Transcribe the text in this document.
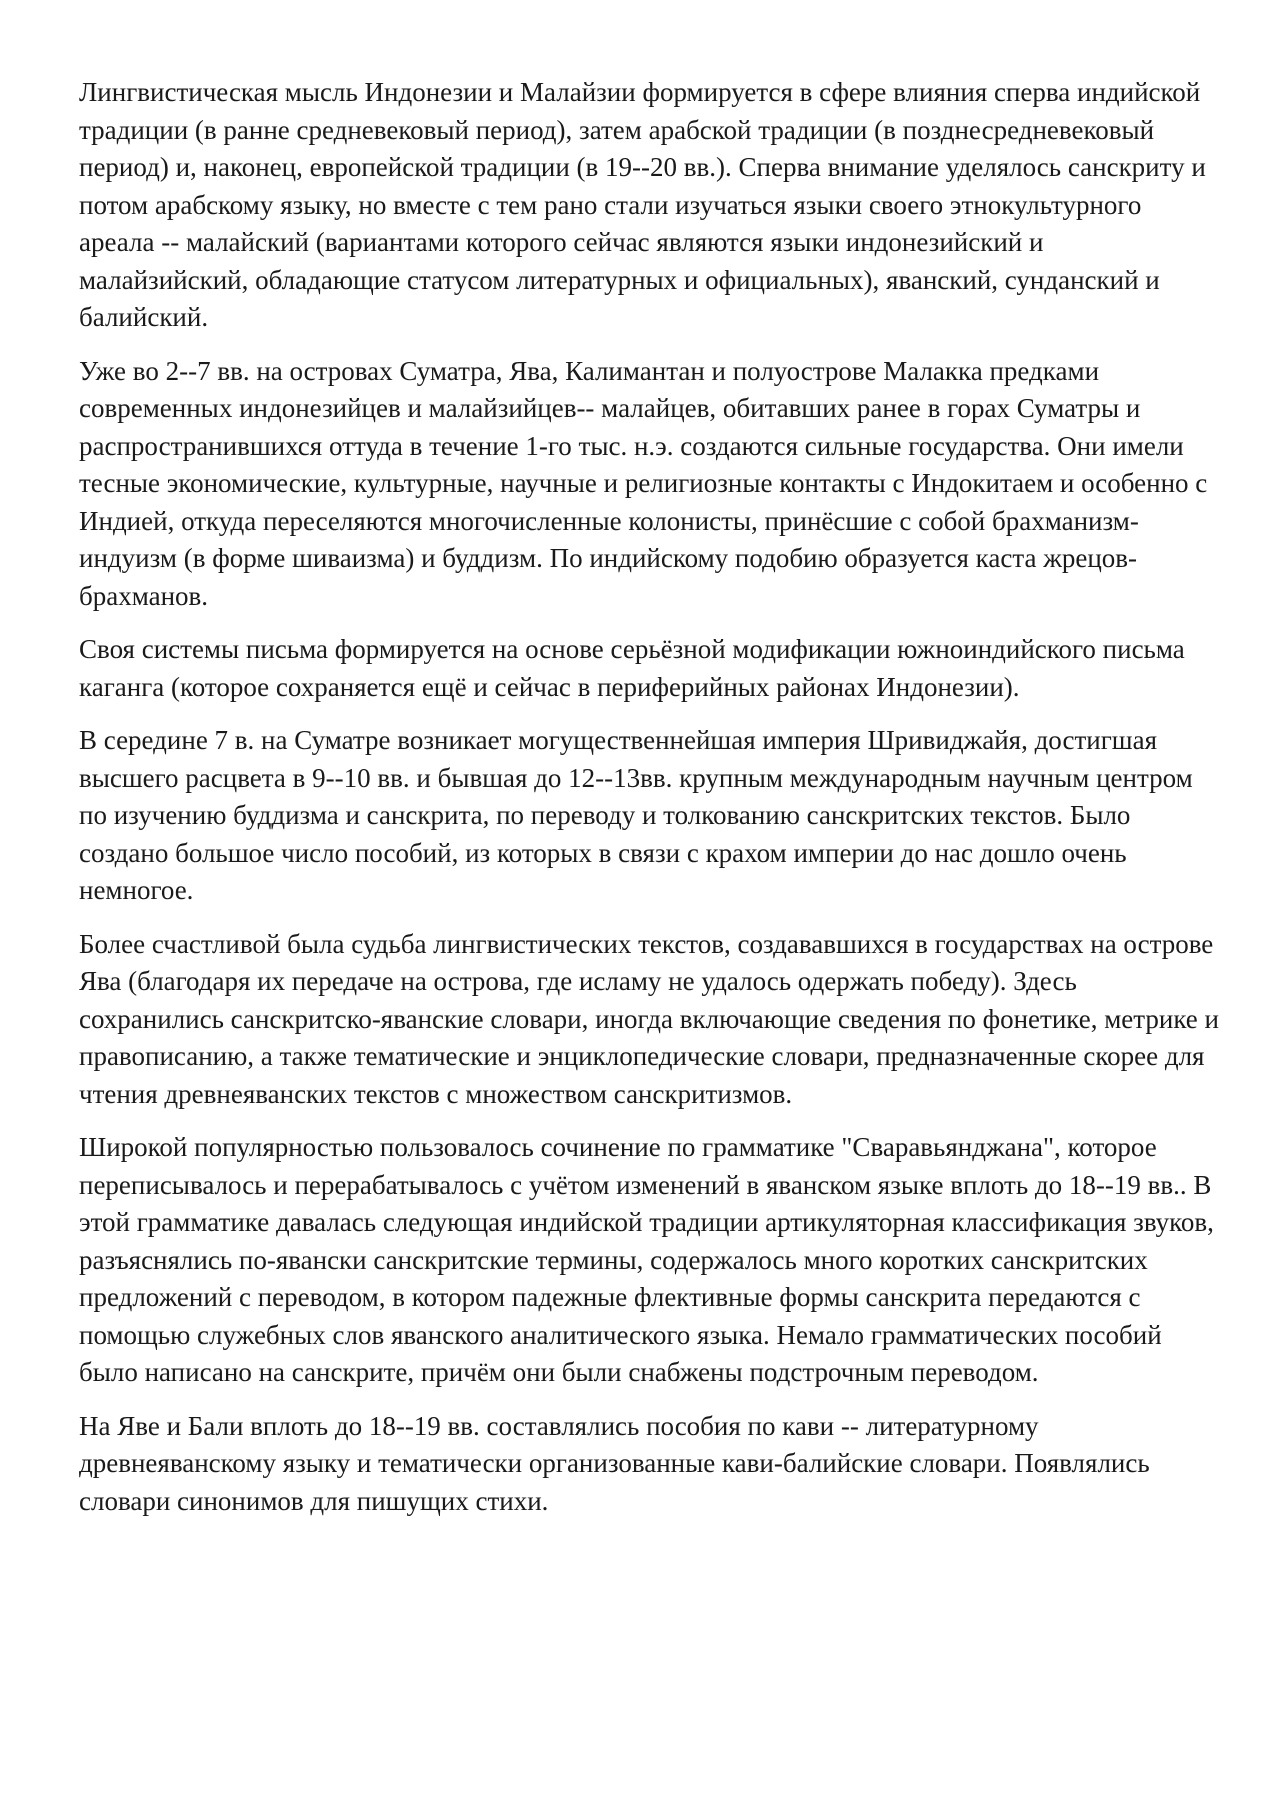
Лингвистическая мысль Индонезии и Малайзии формируется в сфере влияния сперва индийской традиции (в ранне средневековый период), затем арабской традиции (в позднесредневековый период) и, наконец, европейской традиции (в 19--20 вв.). Сперва внимание уделялось санскриту и потом арабскому языку, но вместе с тем рано стали изучаться языки своего этнокультурного ареала -- малайский (вариантами которого сейчас являются языки индонезийский и малайзийский, обладающие статусом литературных и официальных), яванский, сунданский и балийский.

Уже во 2--7 вв. на островах Суматра, Ява, Калимантан и полуострове Малакка предками современных индонезийцев и малайзийцев-- малайцев, обитавших ранее в горах Суматры и распространившихся оттуда в течение 1-го тыс. н.э. создаются сильные государства. Они имели тесные экономические, культурные, научные и религиозные контакты с Индокитаем и особенно с Индией, откуда переселяются многочисленные колонисты, принёсшие с собой брахманизм-индуизм (в форме шиваизма) и буддизм. По индийскому подобию образуется каста жрецов-брахманов.

Своя системы письма формируется на основе серьёзной модификации южноиндийского письма каганга (которое сохраняется ещё и сейчас в периферийных районах Индонезии).

В середине 7 в. на Суматре возникает могущественнейшая империя Шривиджайя, достигшая высшего расцвета в 9--10 вв. и бывшая до 12--13вв. крупным международным научным центром по изучению буддизма и санскрита, по переводу и толкованию санскритских текстов. Было создано большое число пособий, из которых в связи с крахом империи до нас дошло очень немногое.

Более счастливой была судьба лингвистических текстов, создававшихся в государствах на острове Ява (благодаря их передаче на острова, где исламу не удалось одержать победу). Здесь сохранились санскритско-яванские словари, иногда включающие сведения по фонетике, метрике и правописанию, а также тематические и энциклопедические словари, предназначенные скорее для чтения древнеяванских текстов с множеством санскритизмов.

Широкой популярностью пользовалось сочинение по грамматике "Сваравьянджана", которое переписывалось и перерабатывалось с учётом изменений в яванском языке вплоть до 18--19 вв.. В этой грамматике давалась следующая индийской традиции артикуляторная классификация звуков, разъяснялись по-явански санскритские термины, содержалось много коротких санскритских предложений с переводом, в котором падежные флективные формы санскрита передаются с помощью служебных слов яванского аналитического языка. Немало грамматических пособий было написано на санскрите, причём они были снабжены подстрочным переводом.

На Яве и Бали вплоть до 18--19 вв. составлялись пособия по кави -- литературному древнеяванскому языку и тематически организованные кави-балийские словари. Появлялись словари синонимов для пишущих стихи.
